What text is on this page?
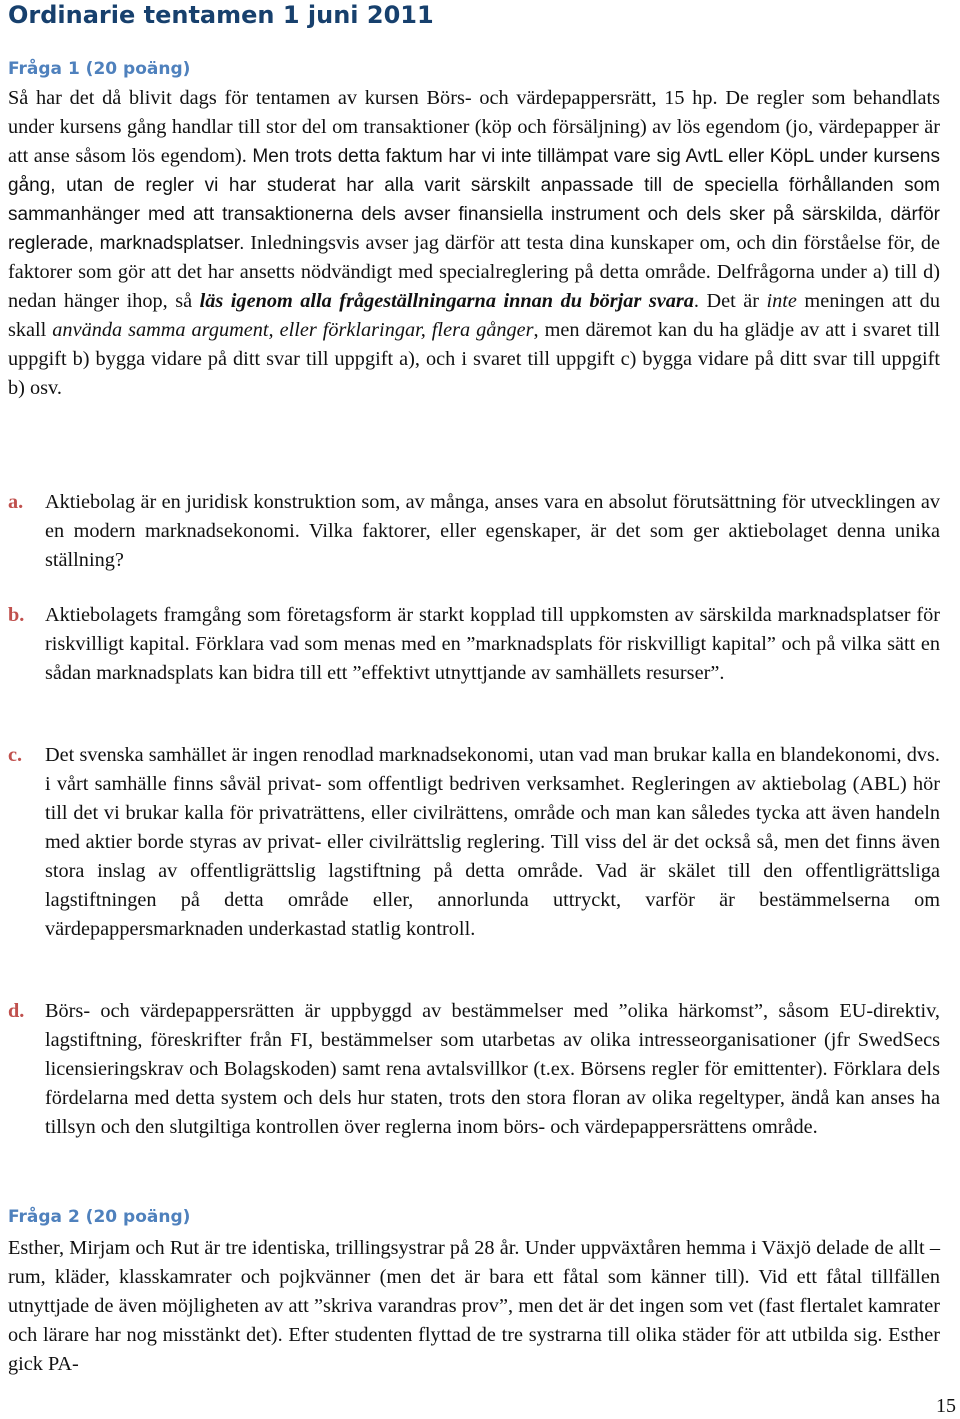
Ordinarie tentamen 1 juni 2011
Fråga 1 (20 poäng)

Så har det då blivit dags för tentamen av kursen Börs- och värdepappersrätt, 15 hp. De regler som behandlats under kursens gång handlar till stor del om transaktioner (köp och försäljning) av lös egendom (jo, värdepapper är att anse såsom lös egendom). Men trots detta faktum har vi inte tillämpat vare sig AvtL eller KöpL under kursens gång, utan de regler vi har studerat har alla varit särskilt anpassade till de speciella förhållanden som sammanhänger med att transaktionerna dels avser finansiella instrument och dels sker på särskilda, därför reglerade, marknadsplatser. Inledningsvis avser jag därför att testa dina kunskaper om, och din förståelse för, de faktorer som gör att det har ansetts nödvändigt med specialreglering på detta område. Delfrågorna under a) till d) nedan hänger ihop, så läs igenom alla frågeställningarna innan du börjar svara. Det är inte meningen att du skall använda samma argument, eller förklaringar, flera gånger, men däremot kan du ha glädje av att i svaret till uppgift b) bygga vidare på ditt svar till uppgift a), och i svaret till uppgift c) bygga vidare på ditt svar till uppgift b) osv.

a. Aktiebolag är en juridisk konstruktion som, av många, anses vara en absolut förutsättning för utvecklingen av en modern marknadsekonomi. Vilka faktorer, eller egenskaper, är det som ger aktiebolaget denna unika ställning?

b. Aktiebolagets framgång som företagsform är starkt kopplad till uppkomsten av särskilda marknadsplatser för riskvilligt kapital. Förklara vad som menas med en ”marknadsplats för riskvilligt kapital” och på vilka sätt en sådan marknadsplats kan bidra till ett ”effektivt utnyttjande av samhällets resurser”.

c. Det svenska samhället är ingen renodlad marknadsekonomi, utan vad man brukar kalla en blandekonomi, dvs. i vårt samhälle finns såväl privat- som offentligt bedriven verksamhet. Regleringen av aktiebolag (ABL) hör till det vi brukar kalla för privaträttens, eller civilrättens, område och man kan således tycka att även handeln med aktier borde styras av privat- eller civilrättslig reglering. Till viss del är det också så, men det finns även stora inslag av offentligrättslig lagstiftning på detta område. Vad är skälet till den offentligrättsliga lagstiftningen på detta område eller, annorlunda uttryckt, varför är bestämmelserna om värdepappersmarknaden underkastad statlig kontroll.

d. Börs- och värdepappersrätten är uppbyggd av bestämmelser med ”olika härkomst”, såsom EU-direktiv, lagstiftning, föreskrifter från FI, bestämmelser som utarbetas av olika intresseorganisationer (jfr SwedSecs licensieringskrav och Bolagskoden) samt rena avtalsvillkor (t.ex. Börsens regler för emittenter). Förklara dels fördelarna med detta system och dels hur staten, trots den stora floran av olika regeltyper, ändå kan anses ha tillsyn och den slutgiltiga kontrollen över reglerna inom börs- och värdepappersrättens område.

Fråga 2 (20 poäng)

Esther, Mirjam och Rut är tre identiska, trillingsystrar på 28 år. Under uppväxtåren hemma i Växjö delade de allt – rum, kläder, klasskamrater och pojkvänner (men det är bara ett fåtal som känner till). Vid ett fåtal tillfällen utnyttjade de även möjligheten av att ”skriva varandras prov”, men det är det ingen som vet (fast flertalet kamrater och lärare har nog misstänkt det). Efter studenten flyttad de tre systrarna till olika städer för att utbilda sig. Esther gick PA-

15
